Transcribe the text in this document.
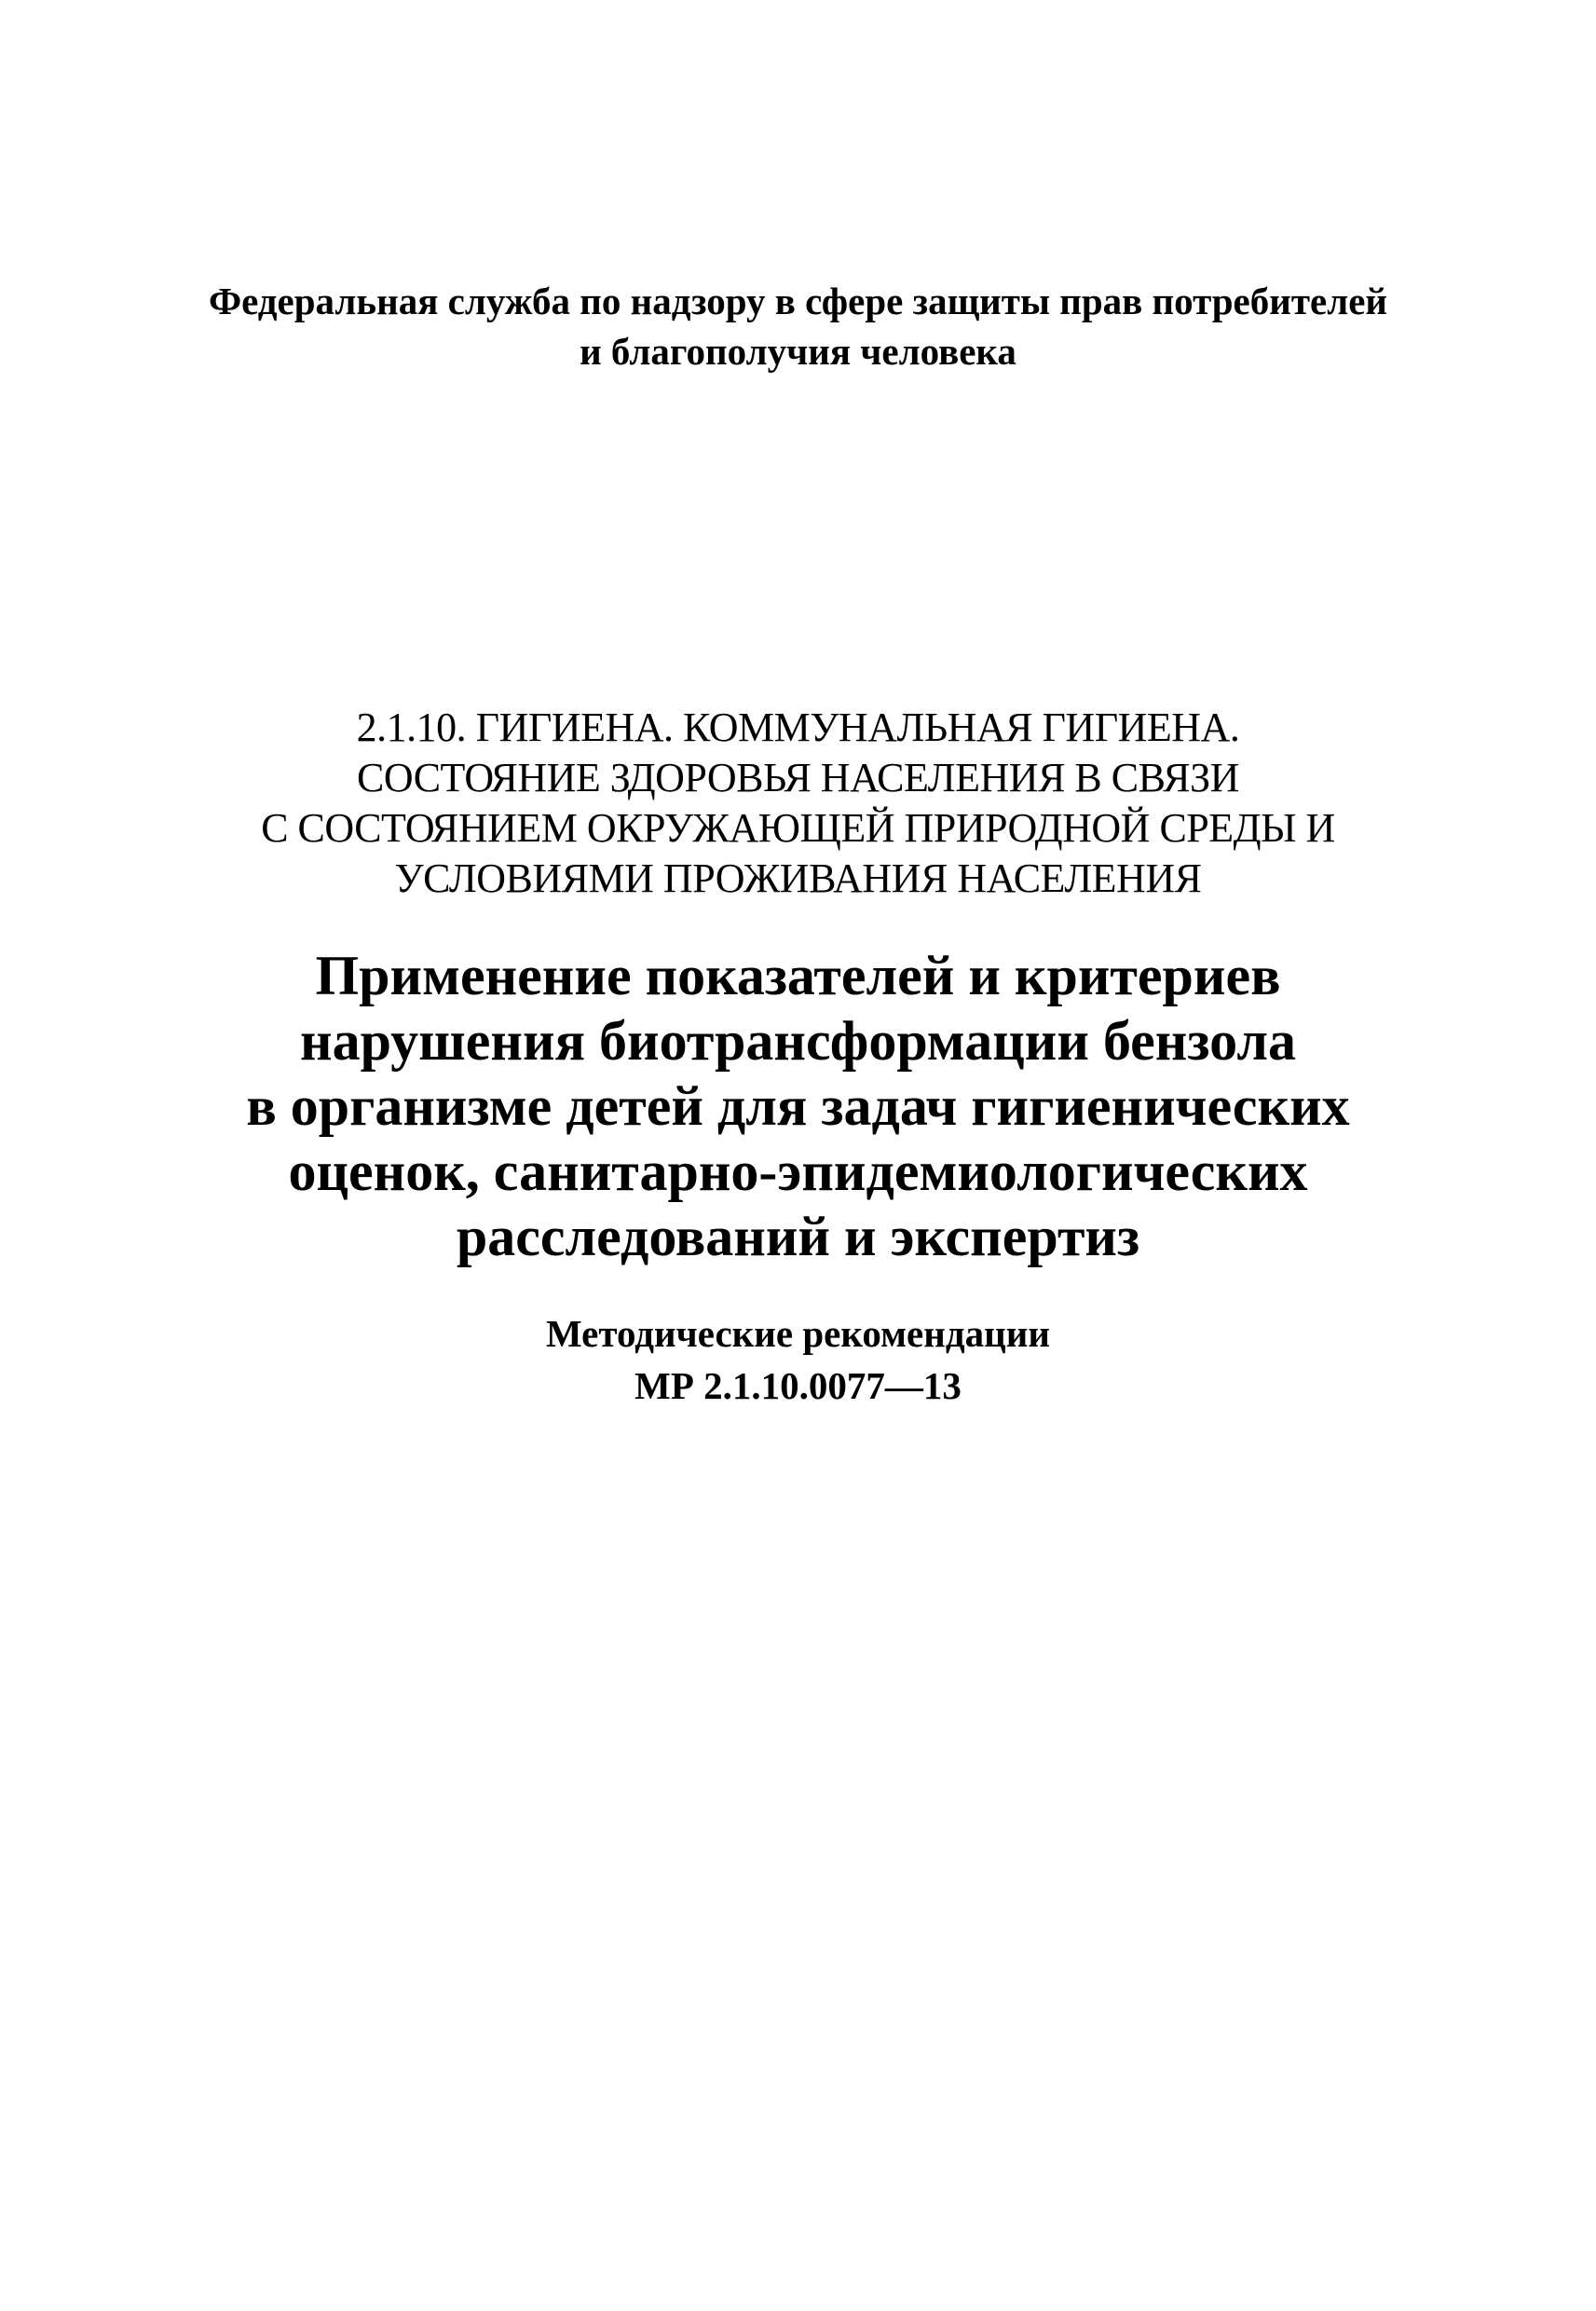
Федеральная служба по надзору в сфере защиты прав потребителей
и благополучия человека
2.1.10. ГИГИЕНА. КОММУНАЛЬНАЯ ГИГИЕНА.
СОСТОЯНИЕ ЗДОРОВЬЯ НАСЕЛЕНИЯ В СВЯЗИ
С СОСТОЯНИЕМ ОКРУЖАЮЩЕЙ ПРИРОДНОЙ СРЕДЫ И
УСЛОВИЯМИ ПРОЖИВАНИЯ НАСЕЛЕНИЯ
Применение показателей и критериев
нарушения биотрансформации бензола
в организме детей для задач гигиенических
оценок, санитарно-эпидемиологических
расследований и экспертиз
Методические рекомендации
МР 2.1.10.0077—13
